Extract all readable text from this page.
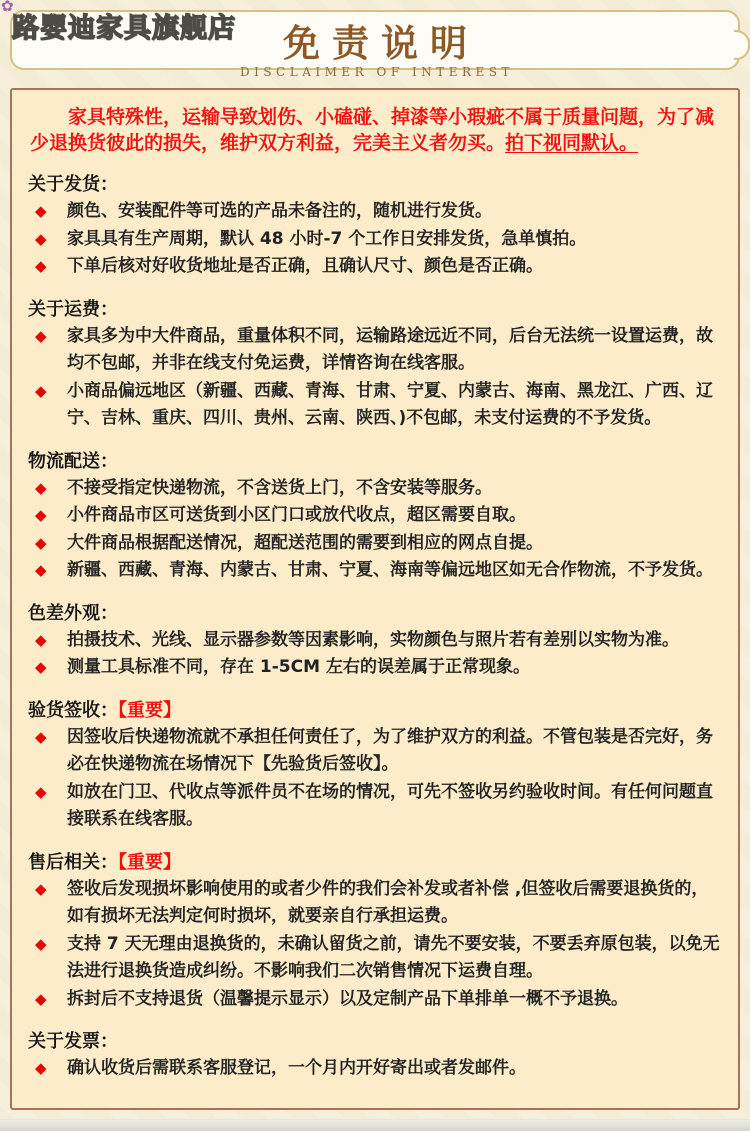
✿
路婴迪家具旗舰店	免责说明
DISCLAIMER OF INTEREST

家具特殊性，运输导致划伤、小磕碰、掉漆等小瑕疵不属于质量问题，为了减少退换货彼此的损失，维护双方利益，完美主义者勿买。拍下视同默认。

关于发货：
◆ 颜色、安装配件等可选的产品未备注的，随机进行发货。
◆ 家具具有生产周期，默认 48 小时-7 个工作日安排发货，急单慎拍。
◆ 下单后核对好收货地址是否正确，且确认尺寸、颜色是否正确。
关于运费：
◆ 家具多为中大件商品，重量体积不同，运输路途远近不同，后台无法统一设置运费，故均不包邮，并非在线支付免运费，详情咨询在线客服。
◆ 小商品偏远地区（新疆、西藏、青海、甘肃、宁夏、内蒙古、海南、黑龙江、广西、辽宁、吉林、重庆、四川、贵州、云南、陕西、)不包邮，未支付运费的不予发货。
物流配送：
◆ 不接受指定快递物流，不含送货上门，不含安装等服务。
◆ 小件商品市区可送货到小区门口或放代收点，超区需要自取。
◆ 大件商品根据配送情况，超配送范围的需要到相应的网点自提。
◆ 新疆、西藏、青海、内蒙古、甘肃、宁夏、海南等偏远地区如无合作物流，不予发货。
色差外观：
◆ 拍摄技术、光线、显示器参数等因素影响，实物颜色与照片若有差别以实物为准。
◆ 测量工具标准不同，存在 1-5CM 左右的误差属于正常现象。
验货签收：【重要】
◆ 因签收后快递物流就不承担任何责任了，为了维护双方的利益。不管包装是否完好，务必在快递物流在场情况下【先验货后签收】。
◆ 如放在门卫、代收点等派件员不在场的情况，可先不签收另约验收时间。有任何问题直接联系在线客服。
售后相关：【重要】
◆ 签收后发现损坏影响使用的或者少件的我们会补发或者补偿 ,但签收后需要退换货的，如有损坏无法判定何时损坏，就要亲自行承担运费。
◆ 支持 7 天无理由退换货的，未确认留货之前，请先不要安装，不要丢弃原包装，以免无法进行退换货造成纠纷。不影响我们二次销售情况下运费自理。
◆ 拆封后不支持退货（温馨提示显示）以及定制产品下单排单一概不予退换。
关于发票：
◆ 确认收货后需联系客服登记，一个月内开好寄出或者发邮件。
